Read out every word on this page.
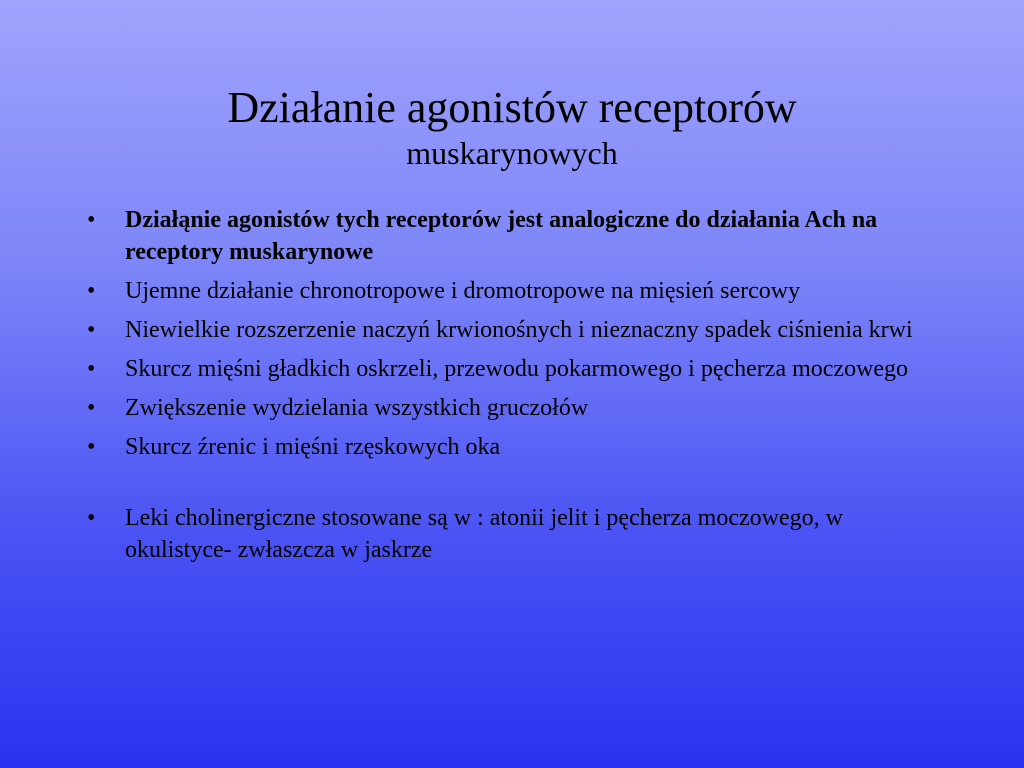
Działanie agonistów receptorów
muskarynowych
• Działąnie agonistów tych receptorów jest analogiczne do działania Ach na receptory muskarynowe
• Ujemne działanie chronotropowe i dromotropowe na mięsień sercowy
• Niewielkie rozszerzenie naczyń krwionośnych i nieznaczny spadek ciśnienia krwi
• Skurcz mięśni gładkich oskrzeli, przewodu pokarmowego i pęcherza moczowego
• Zwiększenie wydzielania wszystkich gruczołów
• Skurcz źrenic i mięśni rzęskowych oka
• Leki cholinergiczne stosowane są w : atonii jelit i pęcherza moczowego, w okulistyce- zwłaszcza w jaskrze
